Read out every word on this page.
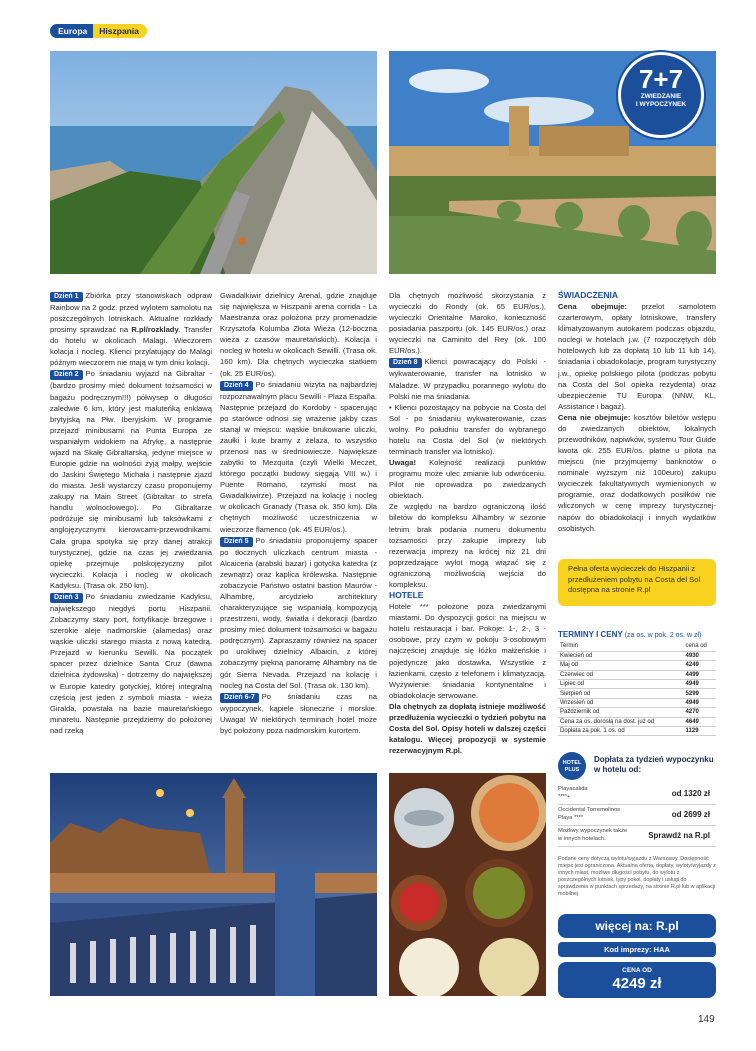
Europa	Hiszpania
7+7
ZWIEDZANIE
I WYPOCZYNEK

Dzień 1 Zbiórka przy stanowiskach odpraw Rainbow na 2 godz. przed wylotem samolotu na poszczególnych lotniskach. Aktualne rozkłady prosimy sprawdzać na R.pl/rozklady. Transfer do hotelu w okolicach Malagi. Wieczorem kolacja i nocleg. Klienci przylatujący do Malagi późnym wieczorem nie mają w tym dniu kolacji.

Dzień 2 Po śniadaniu wyjazd na Gibraltar - (bardzo prosimy mieć dokument tożsamości w bagażu podręcznym!!!) półwysep o długości zaledwie 6 km, który jest maluteńką enklawą brytyjską na Płw. Iberyjskim. W programie przejazd minibusami na Punta Europa ze wspaniałym widokiem na Afrykę, a następnie wjazd na Skałę Gibraltarską, jedyne miejsce w Europie gdzie na wolności żyją małpy, wejście do Jaskini Świętego Michała i następnie zjazd do miasta. Jeśli wystarczy czasu proponujemy zakupy na Main Street (Gibraltar to strefa handlu wolnocłowego). Po Gibraltarze podróżuje się minibusami lub taksówkami z anglojęzycznymi kierowcami-przewodnikami. Cała grupa spotyka się przy danej atrakcji turystycznej, gdzie na czas jej zwiedzania opiekę przejmuje polskojęzyczny pilot wycieczki. Kolacja i nocleg w okolicach Kadyksu. (Trasa ok. 250 km).

Dzień 3 Po śniadaniu zwiedzanie Kadyksu, największego niegdyś portu Hiszpanii. Zobaczymy stary port, fortyfikacje brzegowe i szerokie aleje nadmorskie (alamedas) oraz wąskie uliczki starego miasta z nową katedrą. Przejazd w kierunku Sewilli. Na początek spacer przez dzielnice Santa Cruz (dawna dzielnica żydowska) - dotrzemy do największej w Europie katedry gotyckiej, której integralną częścią jest jeden z symboli miasta - wieża Giralda, powstała na bazie mauretańskiego minaretu. Następnie przejdziemy do położonej nad rzeką

Gwadalkiwir dzielnicy Arenal, gdzie znajduje się największa w Hiszpanii arena corrida - La Maestranza oraz położona przy promenadzie Krzysztofa Kolumba Złota Wieża (12-boczna wieża z czasów mauretańskich). Kolacja i nocleg w hotelu w okolicach Sewilli. (Trasa ok. 160 km). Dla chętnych wycieczka statkiem (ok. 25 EUR/os).

Dzień 4 Po śniadaniu wizyta na najbardziej rozpoznawalnym placu Sewilli - Plaza España. Następnie przejazd do Kordoby - spacerując po starówce odnosi się wrażenie jakby czas stanął w miejscu: wąskie brukowane uliczki, zaułki i kute bramy z żelaza, to wszystko przenosi nas w średniowiecze. Największe zabytki to Mezquita (czyli Wielki Meczet, którego początki budowy sięgają VIII w.) i Puente Romano, rzymski most na Gwadalkiwirze). Przejazd na kolację i nocleg w okolicach Granady (Trasa ok. 350 km). Dla chętnych możliwość uczestniczenia w wieczorze flamenco (ok. 45 EUR/os.).

Dzień 5 Po śniadaniu proponujemy spacer po tłocznych uliczkach centrum miasta - Alcaiceria (arabski bazar) i gotycka katedra (z zewnątrz) oraz kaplica królewska. Następnie zobaczycie Państwo ostatni bastion Maurów - Alhambrę, arcydzieło architektury charakteryzujące się wspaniałą kompozycją przestrzeni, wody, światła i dekoracji (bardzo prosimy mieć dokument tożsamości w bagażu podręcznym). Zapraszamy również na spacer po urokliwej dzielnicy Albaicin, z której zobaczymy piękną panoramę Alhambry na tle gór Sierra Nevada. Przejazd na kolację i nocleg na Costa del Sol. (Trasa ok. 130 km).

Dzień 6-7 Po śniadaniu czas na wypoczynek, kąpiele słoneczne i morskie. Uwaga! W niektórych terminach hotel może być położony poza nadmorskim kurortem.

Dla chętnych możliwość skorzystania z wycieczki do Rondy (ok. 65 EUR/os.), wycieczki Orientalne Maroko, konieczność posiadania paszportu (ok. 145 EUR/os.) oraz wycieczki na Caminito del Rey (ok. 100 EUR/os.).

Dzień 8 Klienci powracający do Polski - wykwaterowanie, transfer na lotnisko w Maladze. W przypadku porannego wylotu do Polski nie ma śniadania.

• Klienci pozostający na pobycie na Costa del Sol - po śniadaniu wykwaterowanie, czas wolny. Po południu transfer do wybranego hotelu na Costa del Sol (w niektórych terminach transfer via lotnisko).

Uwaga! Kolejność realizacji punktów programu może ulec zmianie lub odwróceniu. Pilot nie oprowadza po zwiedzanych obiektach.

Ze względu na bardzo ograniczoną ilość biletów do kompleksu Alhambry w sezonie letnim brak podania numeru dokumentu tożsamości przy zakupie imprezy lub rezerwacja imprezy na krócej niż 21 dni poprzedzające wylot mogą wiązać się z ograniczoną możliwością wejścia do kompleksu.

HOTELE

Hotele *** położone poza zwiedzanymi miastami. Do dyspozycji gości: na miejscu w hotelu restauracja i bar. Pokoje: 1-, 2-, 3 - osobowe, przy czym w pokoju 3-osobowym najczęściej znajduje się łóżko małżeńskie i pojedyncze jako dostawka. Wszystkie z łazienkami, często z telefonem i klimatyzacją. Wyżywienie: śniadania kontynentalne i obiadokolacje serwowane.

Dla chętnych za dopłatą istnieje możliwość przedłużenia wycieczki o tydzień pobytu na Costa del Sol. Opisy hoteli w dalszej części katalogu. Więcej propozycji w systemie rezerwacyjnym R.pl.

ŚWIADCZENIA

Cena obejmuje: przelot samolotem czarterowym, opłaty lotniskowe, transfery klimatyzowanym autokarem podczas objazdu, noclegi w hotelach j.w. (7 rozpoczętych dób hotelowych lub za dopłatą 10 lub 11 lub 14), śniadania i obiadokolacje, program turystyczny j.w., opiekę polskiego pilota (podczas pobytu na Costa del Sol opieka rezydenta) oraz ubezpieczenie TU Europa (NNW, KL, Assistance i bagaż).

Cena nie obejmuje: kosztów biletów wstępu do zwiedzanych obiektów, lokalnych przewodników, napiwków, systemu Tour Guide kwota ok. 255 EUR/os. płatne u pilota na miejscu (nie przyjmujemy banknotów o nominale wyższym niż 100euro) zakupu wycieczek fakultatywnych wymienionych w programie, oraz dodatkowych posiłków nie wliczonych w cenę imprezy turystycznej- napów do obiadokolacji i innych wydatków osobistych.

Pełna oferta wycieczek do Hiszpanii z przedłużeniem pobytu na Costa del Sol dostępna na stronie R.pl
TERMINY I CENY (za os. w pok. 2 os. w zł)
Termin	cena od
Kwiecień od	4930
Maj od	4249
Czerwiec od	4499
Lipiec od	4949
Sierpień od	5299
Wrzesień od	4949
Październik od	4270
Cena za os. dorosłą na dost. już od	4649
Dopłata za pok. 1 os. od	1129
HOTEL
PLUS
Dopłata za tydzień wypoczynku
w hotelu od:
Playacalida
****+	od 1320 zł
Occidental Torremolinos
Playa ****	od 2699 zł
Możliwy wypoczynek także
w innych hotelach.	Sprawdź na R.pl
Podane ceny dotyczą wylotu/wyjazdu z Warszawy. Dostępność miejsc jest ograniczona. Aktualna oferta, dopłaty, wyloty/wyjazdy z innych miast, możliwe długości pobytu, do wylotu z poszczególnych lotnisk, typy pokoi, dopłaty i usługi do sprawdzenia w punktach sprzedaży, na stronie R.pl lub w aplikacji mobilnej.
więcej na: R.pl
Kod imprezy: HAA
CENA OD
4249 zł
149
